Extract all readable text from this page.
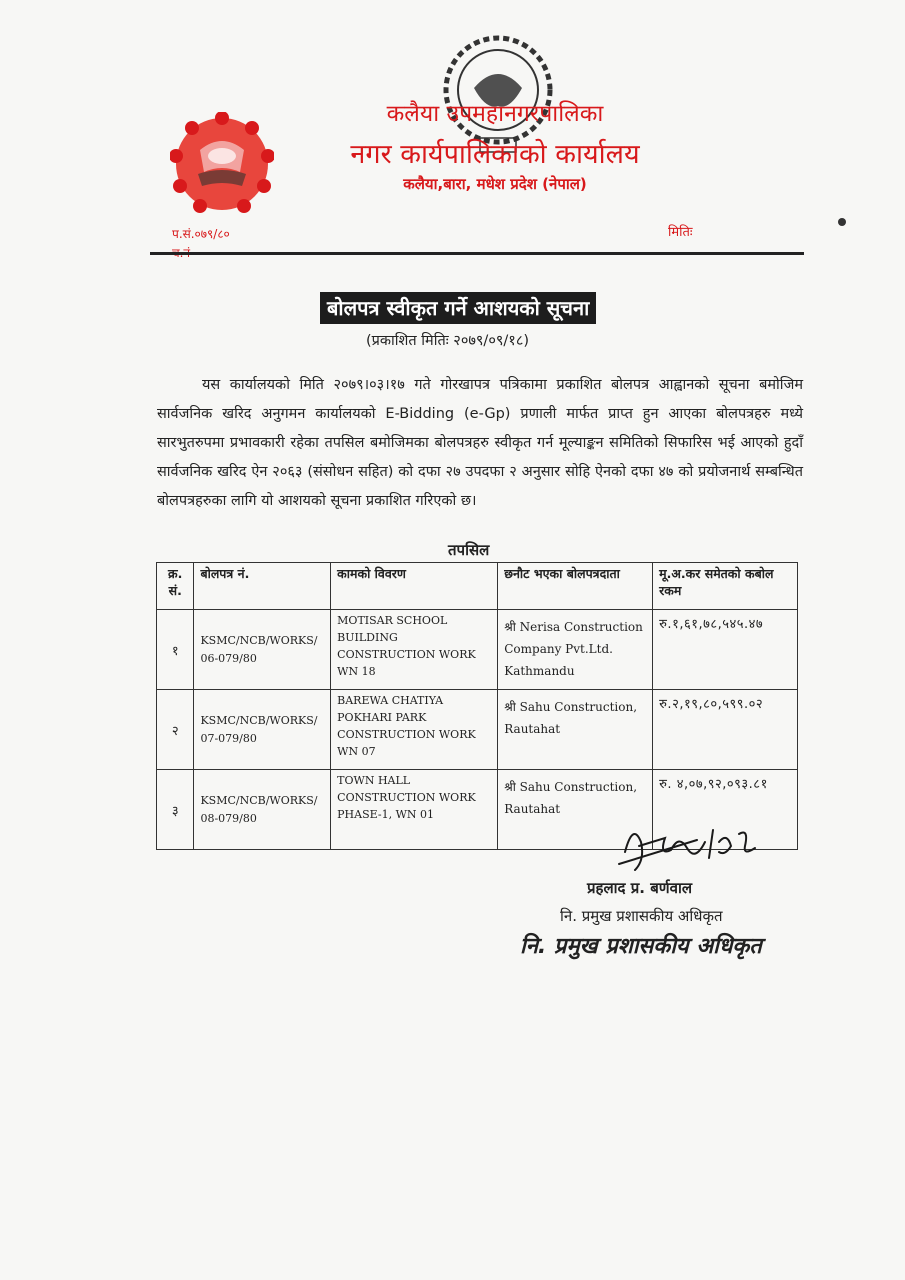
कलैया उपमहानगरपालिका
नगर कार्यपालिकाको कार्यालय
कलैया,बारा, मधेश प्रदेश (नेपाल)
प.सं.०७९/८०	मितिः
बोलपत्र स्वीकृत गर्ने आशयको सूचना
(प्रकाशित मितिः २०७९/०९/१८)

यस कार्यालयको मिति २०७९।०३।१७ गते गोरखापत्र पत्रिकामा प्रकाशित बोलपत्र आह्वानको सूचना बमोजिम सार्वजनिक खरिद अनुगमन कार्यालयको E-Bidding (e-Gp) प्रणाली मार्फत प्राप्त हुन आएका बोलपत्रहरु मध्ये सारभुतरुपमा प्रभावकारी रहेका तपसिल बमोजिमका बोलपत्रहरु स्वीकृत गर्न मूल्याङ्कन समितिको सिफारिस भई आएको हुदाँ सार्वजनिक खरिद ऐन २०६३ (संसोधन सहित) को दफा २७ उपदफा २ अनुसार सोहि ऐनको दफा ४७ को प्रयोजनार्थ सम्बन्धित बोलपत्रहरुका लागि यो आशयको सूचना प्रकाशित गरिएको छ।

तपसिल
क्र. सं.	बोलपत्र नं.	कामको विवरण	छनौट भएका बोलपत्रदाता	मू.अ.कर समेतको कबोल रकम
१	KSMC/NCB/WORKS/ 06-079/80	MOTISAR SCHOOL BUILDING CONSTRUCTION WORK WN 18	श्री Nerisa Construction Company Pvt.Ltd. Kathmandu	रु.१,६१,७८,५४५.४७
२	KSMC/NCB/WORKS/ 07-079/80	BAREWA CHATIYA POKHARI PARK CONSTRUCTION WORK WN 07	श्री Sahu Construction, Rautahat	रु.२,१९,८०,५९९.०२
३	KSMC/NCB/WORKS/ 08-079/80	TOWN HALL CONSTRUCTION WORK PHASE-1, WN 01	श्री Sahu Construction, Rautahat	रु. ४,०७,९२,०९३.८१
प्रहलाद प्र. बर्णवाल
नि. प्रमुख प्रशासकीय अधिकृत
नि. प्रमुख प्रशासकीय अधिकृत
